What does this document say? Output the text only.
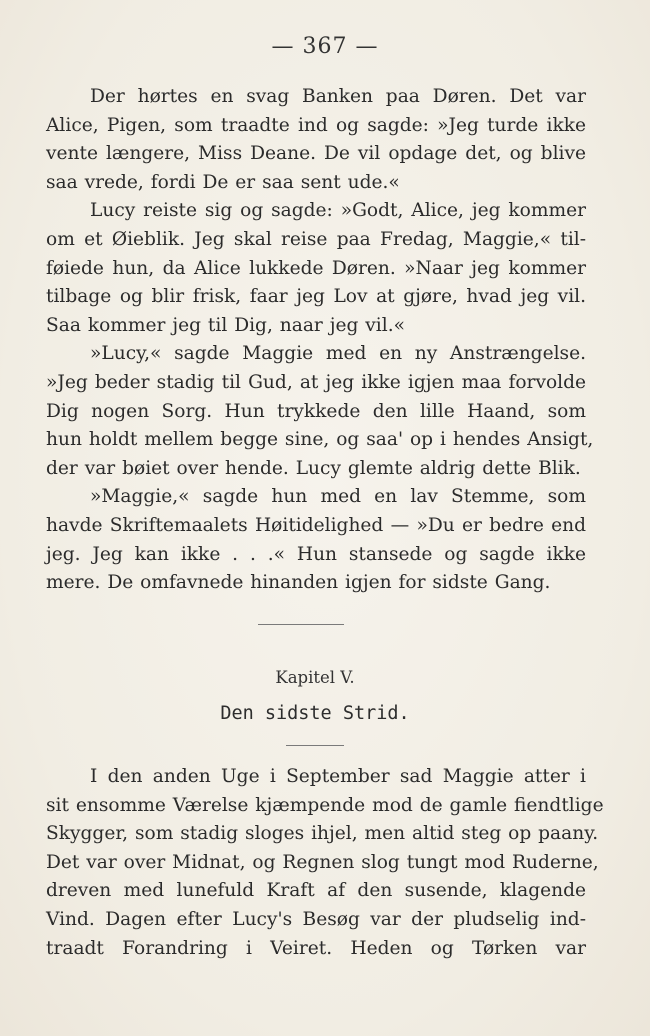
— 367 —
Der hørtes en svag Banken paa Døren. Det var
Alice, Pigen, som traadte ind og sagde: »Jeg turde ikke
vente længere, Miss Deane. De vil opdage det, og blive
saa vrede, fordi De er saa sent ude.«
Lucy reiste sig og sagde: »Godt, Alice, jeg kommer
om et Øieblik. Jeg skal reise paa Fredag, Maggie,« til-
føiede hun, da Alice lukkede Døren. »Naar jeg kommer
tilbage og blir frisk, faar jeg Lov at gjøre, hvad jeg vil.
Saa kommer jeg til Dig, naar jeg vil.«
»Lucy,« sagde Maggie med en ny Anstrængelse.
»Jeg beder stadig til Gud, at jeg ikke igjen maa forvolde
Dig nogen Sorg. Hun trykkede den lille Haand, som
hun holdt mellem begge sine, og saa' op i hendes Ansigt,
der var bøiet over hende. Lucy glemte aldrig dette Blik.
»Maggie,« sagde hun med en lav Stemme, som
havde Skriftemaalets Høitidelighed — »Du er bedre end
jeg. Jeg kan ikke . . .« Hun stansede og sagde ikke
mere. De omfavnede hinanden igjen for sidste Gang.
Kapitel V.
Den sidste Strid.
I den anden Uge i September sad Maggie atter i
sit ensomme Værelse kjæmpende mod de gamle fiendtlige
Skygger, som stadig sloges ihjel, men altid steg op paany.
Det var over Midnat, og Regnen slog tungt mod Ruderne,
dreven med lunefuld Kraft af den susende, klagende
Vind. Dagen efter Lucy's Besøg var der pludselig ind-
traadt Forandring i Veiret. Heden og Tørken var
